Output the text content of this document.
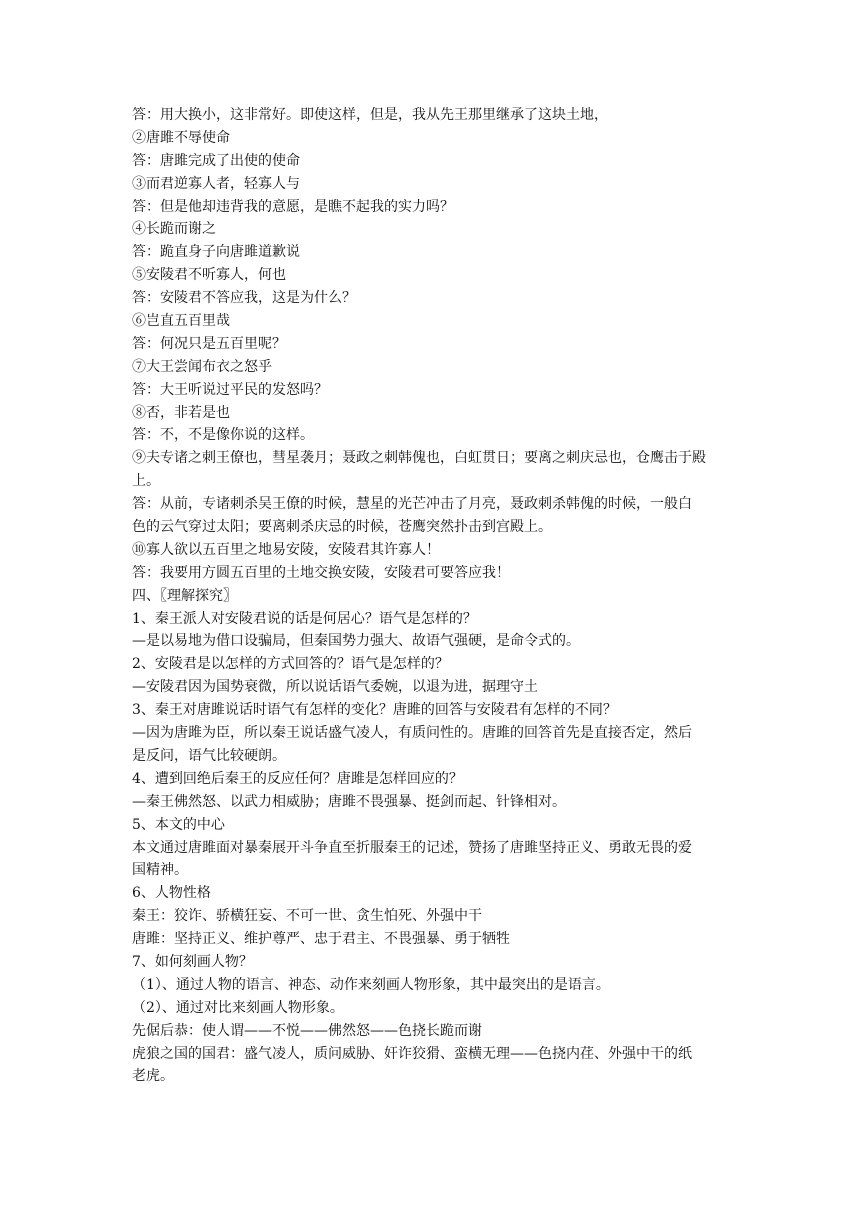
答：用大换小，这非常好。即使这样，但是，我从先王那里继承了这块土地，
②唐雎不辱使命
答：唐雎完成了出使的使命
③而君逆寡人者，轻寡人与
答：但是他却违背我的意愿，是瞧不起我的实力吗？
④长跪而谢之
答：跪直身子向唐雎道歉说
⑤安陵君不听寡人，何也
答：安陵君不答应我，这是为什么？
⑥岂直五百里哉
答：何况只是五百里呢？
⑦大王尝闻布衣之怒乎
答：大王听说过平民的发怒吗？
⑧否，非若是也
答：不，不是像你说的这样。
⑨夫专诸之刺王僚也，彗星袭月；聂政之刺韩傀也，白虹贯日；要离之刺庆忌也，仓鹰击于殿
上。
答：从前，专诸刺杀吴王僚的时候，慧星的光芒冲击了月亮，聂政刺杀韩傀的时候，一般白
色的云气穿过太阳；要离刺杀庆忌的时候，苍鹰突然扑击到宫殿上。
⑩寡人欲以五百里之地易安陵，安陵君其许寡人！
答：我要用方圆五百里的土地交换安陵，安陵君可要答应我！
四、〖理解探究〗
1、秦王派人对安陵君说的话是何居心？语气是怎样的？
—是以易地为借口设骗局，但秦国势力强大、故语气强硬，是命令式的。
2、安陵君是以怎样的方式回答的？语气是怎样的？
—安陵君因为国势衰微，所以说话语气委婉，以退为进，据理守土
3、秦王对唐雎说话时语气有怎样的变化？唐雎的回答与安陵君有怎样的不同？
—因为唐雎为臣，所以秦王说话盛气凌人，有质问性的。唐雎的回答首先是直接否定，然后
是反问，语气比较硬朗。
4、遭到回绝后秦王的反应任何？唐雎是怎样回应的？
—秦王佛然怒、以武力相威胁；唐雎不畏强暴、挺剑而起、针锋相对。
5、本文的中心
本文通过唐雎面对暴秦展开斗争直至折服秦王的记述，赞扬了唐雎坚持正义、勇敢无畏的爱
国精神。
6、人物性格
秦王：狡诈、骄横狂妄、不可一世、贪生怕死、外强中干
唐雎：坚持正义、维护尊严、忠于君主、不畏强暴、勇于牺牲
7、如何刻画人物？
（1）、通过人物的语言、神态、动作来刻画人物形象，其中最突出的是语言。
（2）、通过对比来刻画人物形象。
先倨后恭：使人谓——不悦——佛然怒——色挠长跪而谢
虎狼之国的国君：盛气凌人，质问威胁、奸诈狡猾、蛮横无理——色挠内荏、外强中干的纸
老虎。
